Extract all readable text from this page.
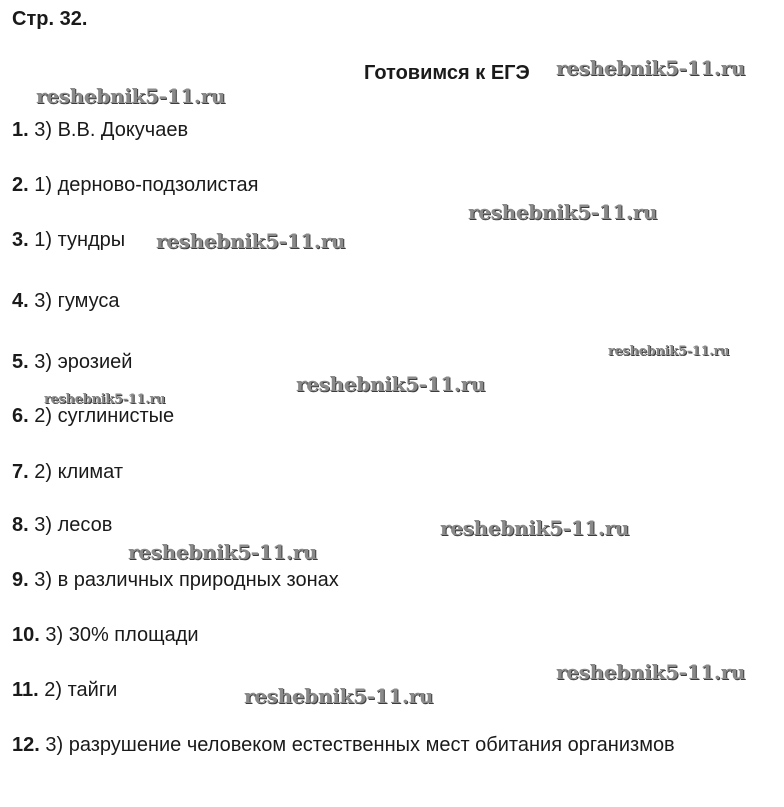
Стр. 32.
Готовимся к ЕГЭ
1. 3) В.В. Докучаев
2. 1) дерново-подзолистая
3. 1) тундры
4. 3) гумуса
5. 3) эрозией
6. 2) суглинистые
7. 2) климат
8. 3) лесов
9. 3) в различных природных зонах
10. 3) 30% площади
11. 2) тайги
12. 3) разрушение человеком естественных мест обитания организмов
reshebnik5-11.ru
reshebnik5-11.ru
reshebnik5-11.ru
reshebnik5-11.ru
reshebnik5-11.ru
reshebnik5-11.ru
reshebnik5-11.ru
reshebnik5-11.ru
reshebnik5-11.ru
reshebnik5-11.ru
reshebnik5-11.ru
